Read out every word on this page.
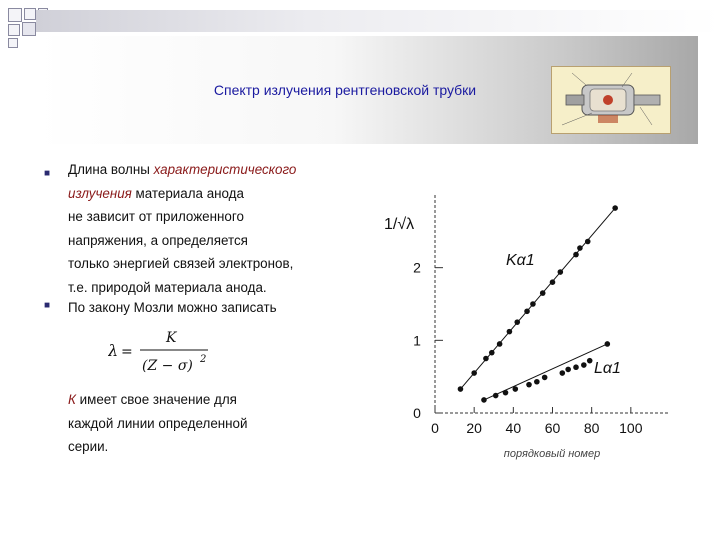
Спектр излучения рентгеновской трубки
■
■
Длина волны характеристического
излучения материала анода
не зависит от приложенного
напряжения, а определяется
только энергией связей электронов,
т.е. природой материала анода.
По закону Мозли можно записать
λ =
K
(Z − σ) 2
К имеет свое значение для
каждой линии определенной
серии.
0 20 40 60 80 100
0
1
2
1/√λ
порядковый номер
Kα1
Lα1
